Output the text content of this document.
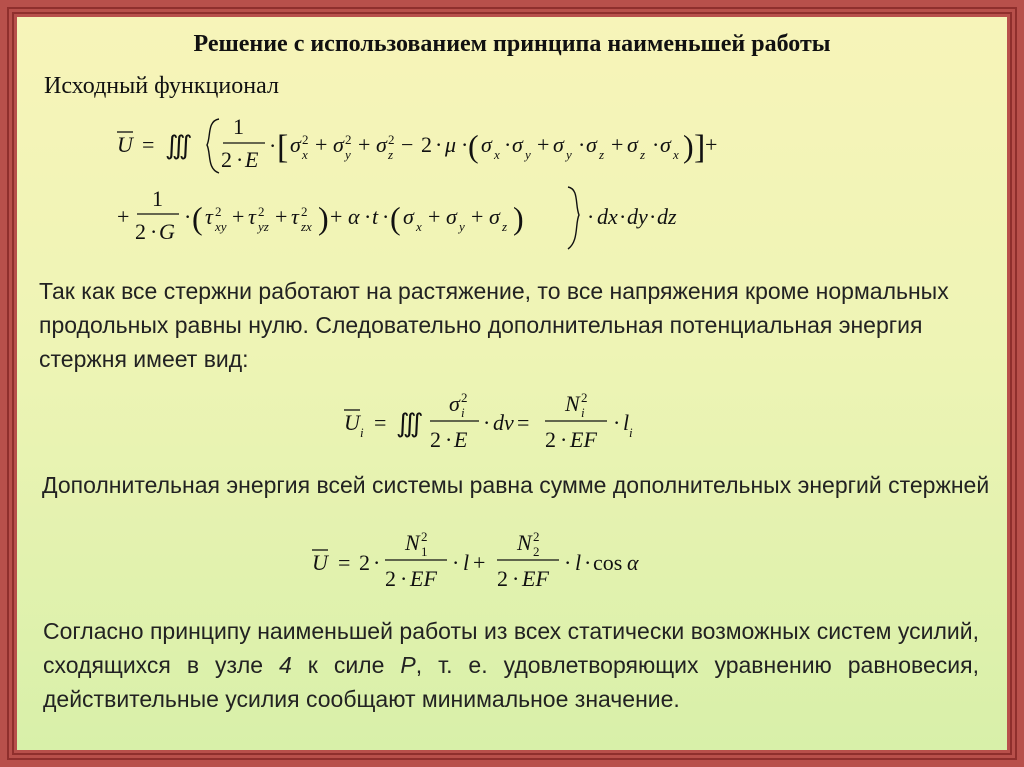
Решение с использованием принципа наименьшей работы
Исходный функционал
U = ∭
1
2 · E
· [ σ 2
x + σ 2
y + σ 2
z − 2 · μ · ( σ x · σ y + σ y · σ z + σ z · σ x ) ] +
+
1
2 · G
· ( τ 2
xy + τ 2
yz + τ 2
zx ) + α · t · ( σ x + σ y + σ z )	· dx · dy · dz
Так как все стержни работают на растяжение, то все напряжения кроме нормальных продольных равны нулю. Следовательно дополнительная потенциальная энергия стержня имеет вид:
U i = ∭
σ 2
i
2 · E
· dv =
N 2
i
2 · EF
· l i
Дополнительная энергия всей системы равна сумме дополнительных энергий стержней
U = 2 ·
N 2
1
2 · EF
· l +
N 2
2
2 · EF
· l · cos α
Согласно принципу наименьшей работы из всех статически возможных систем усилий, сходящихся в узле 4 к силе P, т. е. удовлетворяющих уравнению равновесия, действительные усилия сообщают минимальное значение.
